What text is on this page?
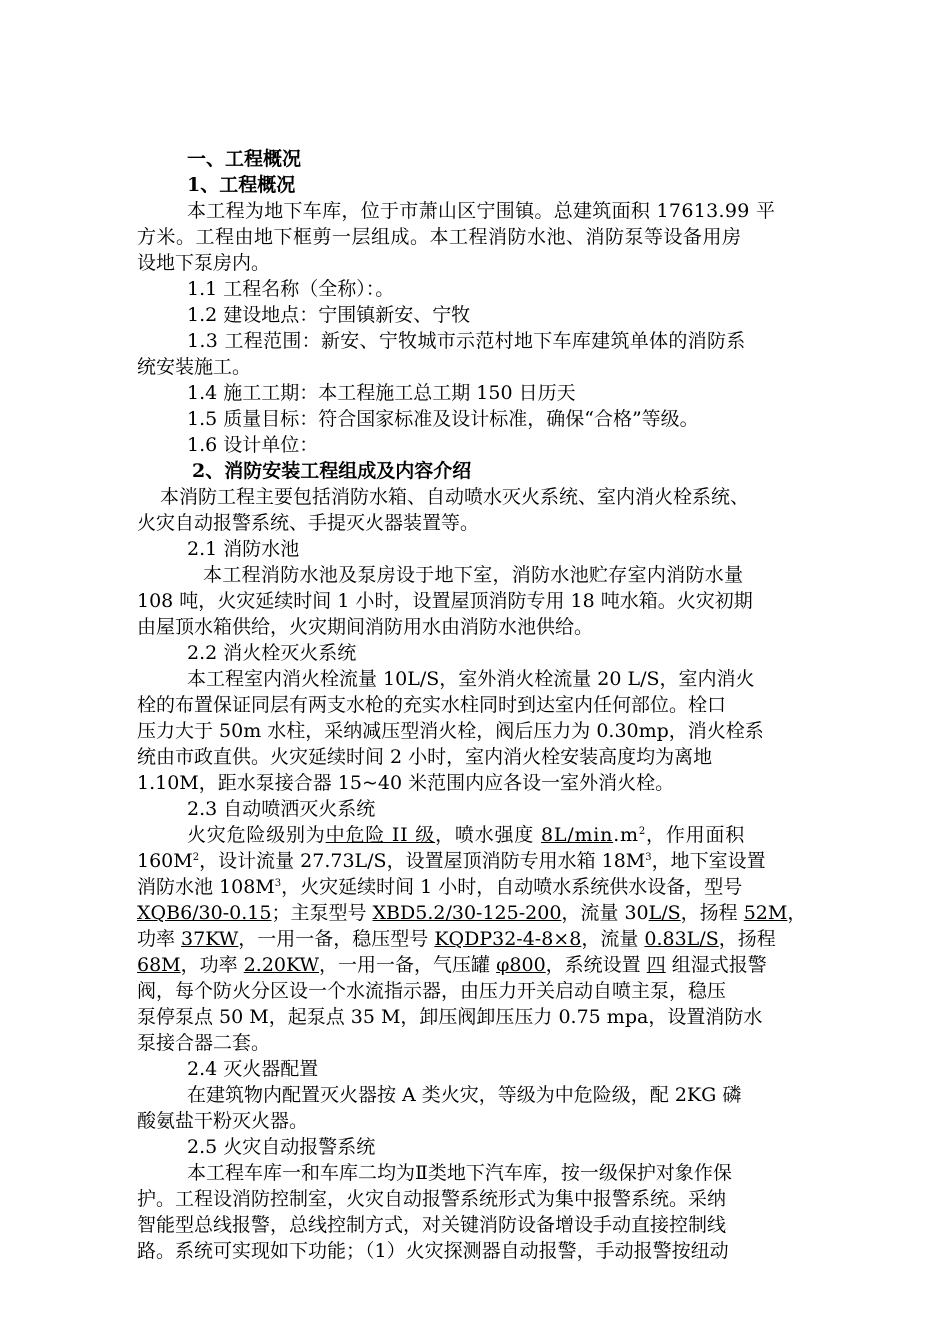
一、工程概况
1、工程概况
本工程为地下车库，位于市萧山区宁围镇。总建筑面积 17613.99 平
方米。工程由地下框剪一层组成。本工程消防水池、消防泵等设备用房
设地下泵房内。
1.1 工程名称（全称）：。
1.2 建设地点：宁围镇新安、宁牧
1.3 工程范围：新安、宁牧城市示范村地下车库建筑单体的消防系
统安装施工。
1.4 施工工期：本工程施工总工期 150 日历天
1.5 质量目标：符合国家标准及设计标准，确保“合格”等级。
1.6 设计单位：
2、消防安装工程组成及内容介绍
本消防工程主要包括消防水箱、自动喷水灭火系统、室内消火栓系统、
火灾自动报警系统、手提灭火器装置等。
2.1 消防水池
本工程消防水池及泵房设于地下室，消防水池贮存室内消防水量
108 吨，火灾延续时间 1 小时，设置屋顶消防专用 18 吨水箱。火灾初期
由屋顶水箱供给，火灾期间消防用水由消防水池供给。
2.2 消火栓灭火系统
本工程室内消火栓流量 10L/S，室外消火栓流量 20 L/S，室内消火
栓的布置保证同层有两支水枪的充实水柱同时到达室内任何部位。栓口
压力大于 50m 水柱，采纳减压型消火栓，阀后压力为 0.30mp，消火栓系
统由市政直供。火灾延续时间 2 小时，室内消火栓安装高度均为离地
1.10M，距水泵接合器 15~40 米范围内应各设一室外消火栓。
2.3 自动喷洒灭火系统
火灾危险级别为中危险 II 级，喷水强度 $8L/\min.m^2$，作用面积
$160M^2$，设计流量 27.73L/S，设置屋顶消防专用水箱 $18M^3$，地下室设置
消防水池 $108M^3$，火灾延续时间 1 小时，自动喷水系统供水设备，型号
XQB6/30-0.15；主泵型号 XBD5.2/30-125-200，流量 30L/S，扬程 52M，
功率 37KW，一用一备，稳压型号 KQDP32-4-8×8，流量 0.83L/S，扬程
68M，功率 2.20KW，一用一备，气压罐 φ800，系统设置 四 组湿式报警
阀，每个防火分区设一个水流指示器，由压力开关启动自喷主泵，稳压
泵停泵点 50 M，起泵点 35 M，卸压阀卸压压力 0.75 mpa，设置消防水
泵接合器二套。
2.4 灭火器配置
在建筑物内配置灭火器按 A 类火灾，等级为中危险级，配 2KG 磷
酸氨盐干粉灭火器。
2.5 火灾自动报警系统
本工程车库一和车库二均为Ⅱ类地下汽车库，按一级保护对象作保
护。工程设消防控制室，火灾自动报警系统形式为集中报警系统。采纳
智能型总线报警，总线控制方式，对关键消防设备增设手动直接控制线
路。系统可实现如下功能；（1）火灾探测器自动报警，手动报警按纽动
